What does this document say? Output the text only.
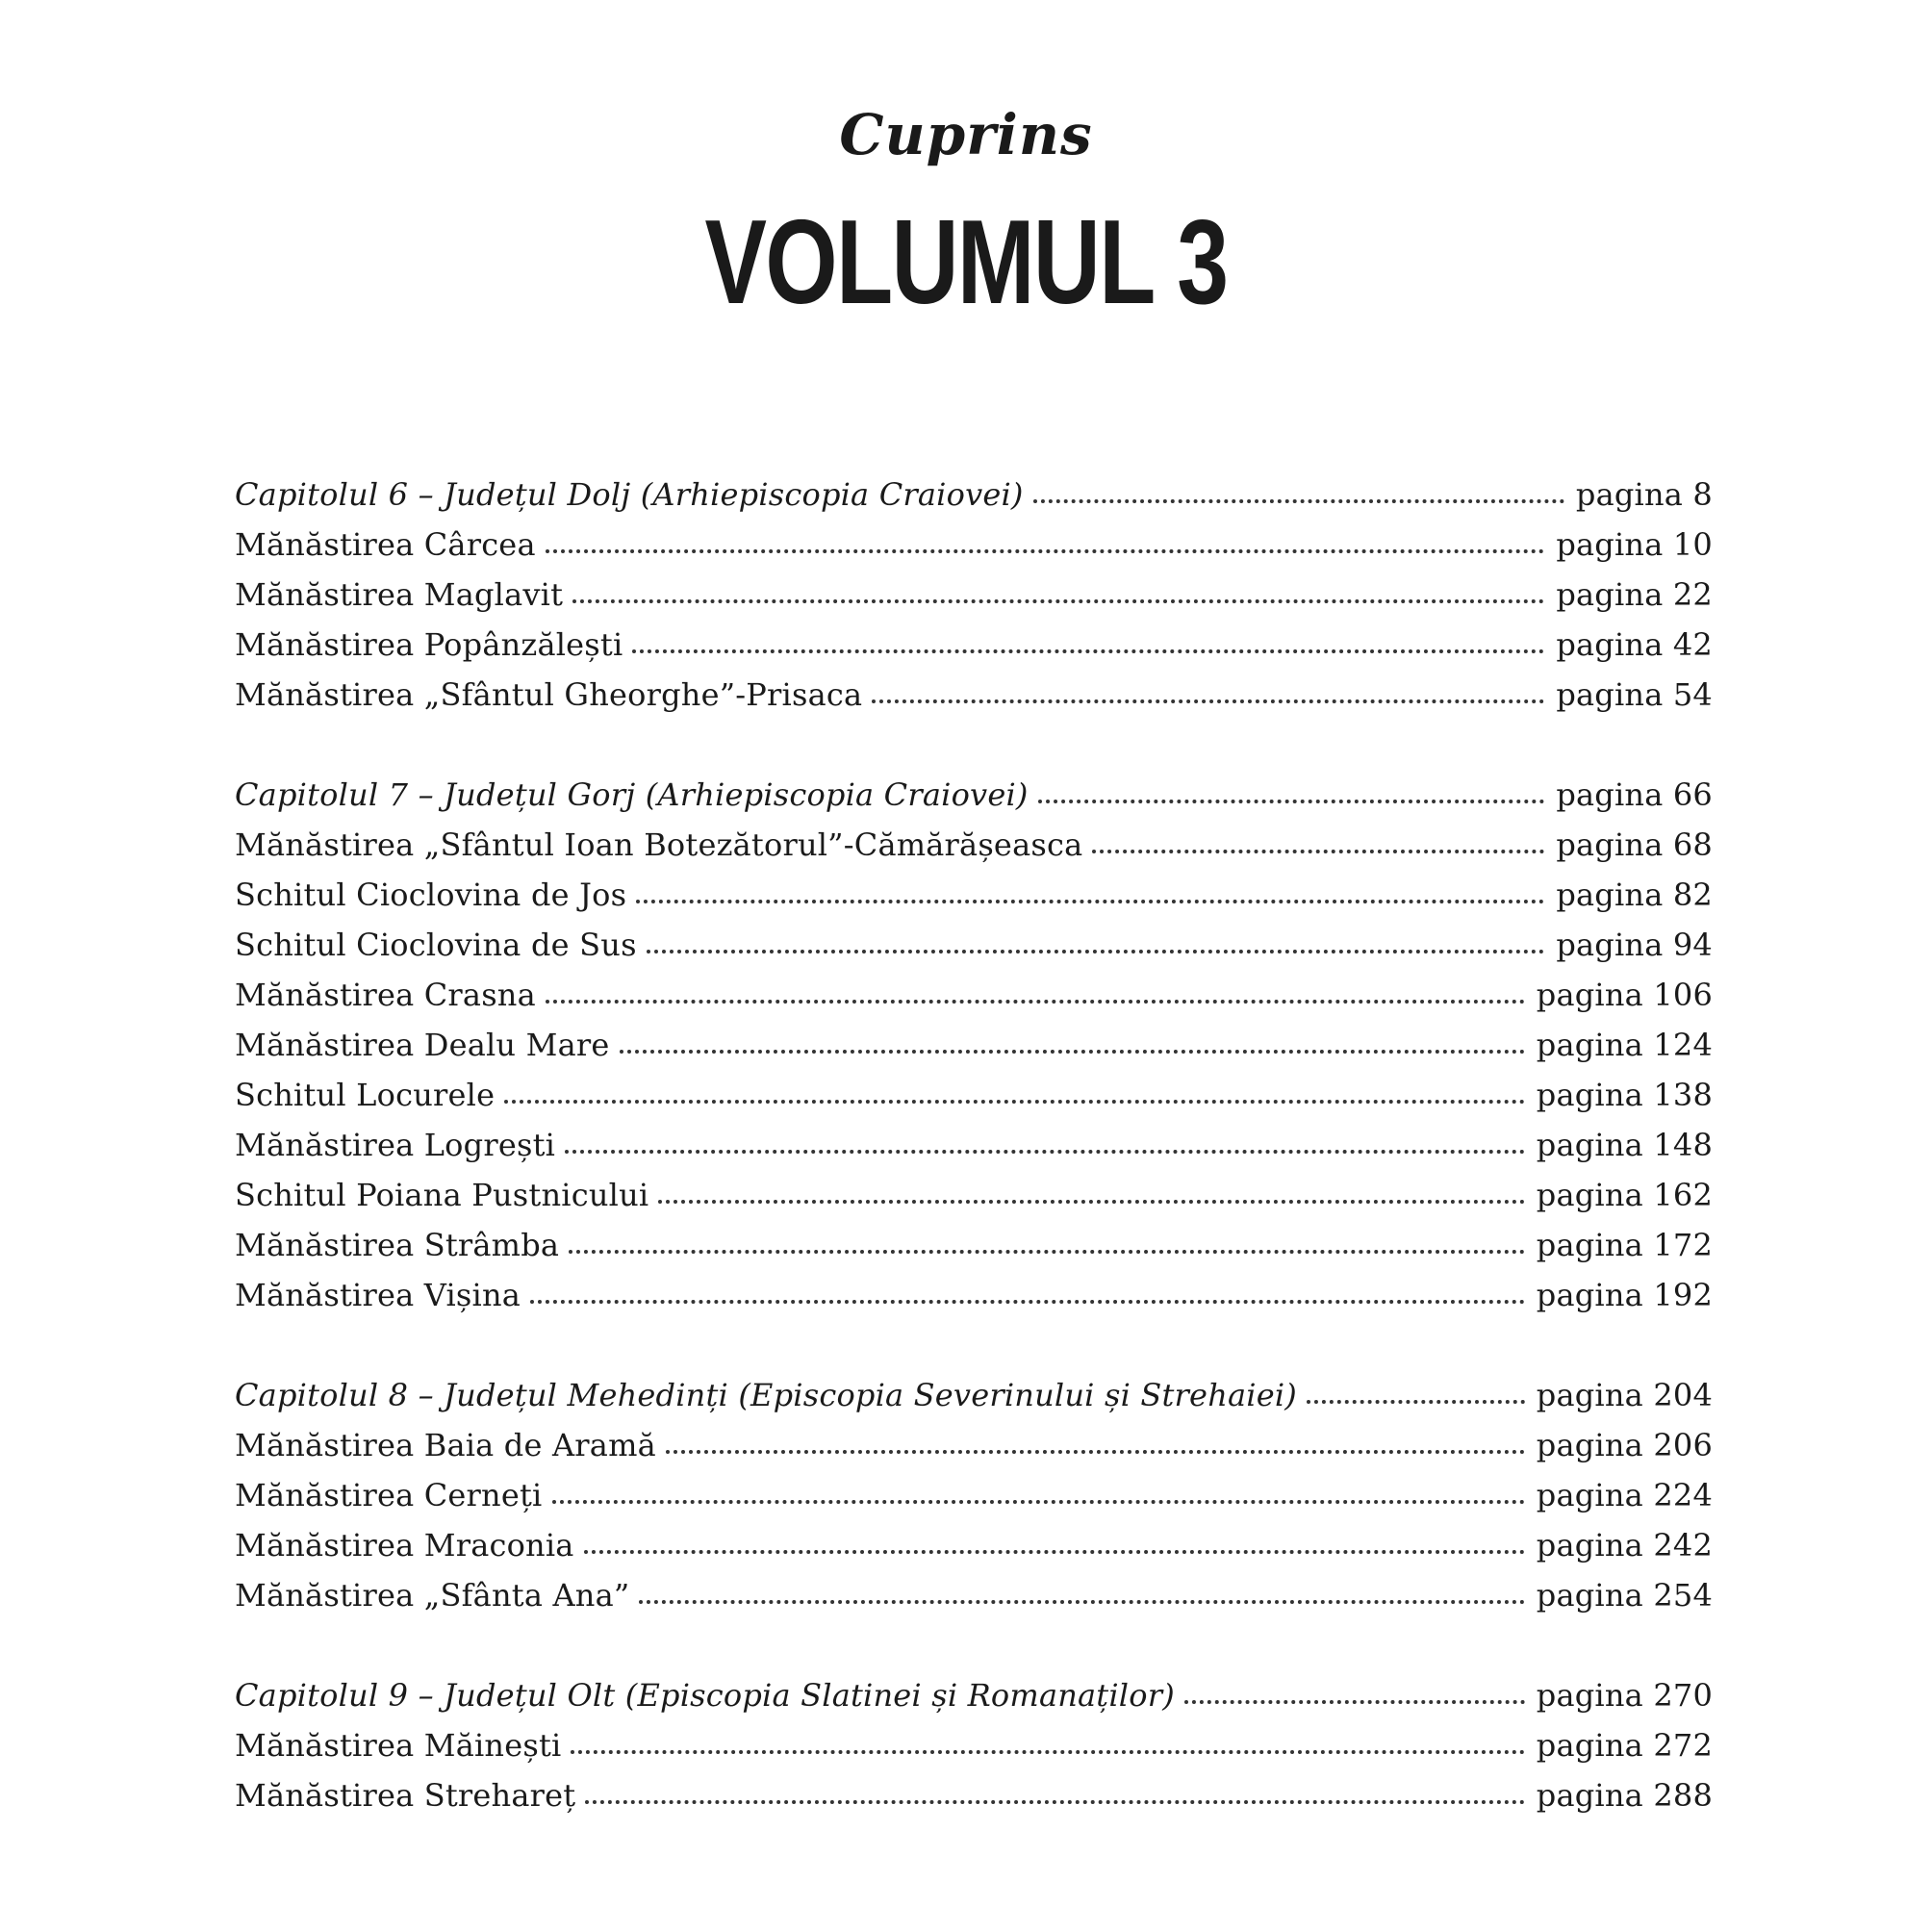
Cuprins
VOLUMUL 3
Capitolul 6 – Județul Dolj (Arhiepiscopia Craiovei)	pagina 8
Mănăstirea Cârcea	pagina 10
Mănăstirea Maglavit	pagina 22
Mănăstirea Popânzălești	pagina 42
Mănăstirea „Sfântul Gheorghe”-Prisaca	pagina 54
Capitolul 7 – Județul Gorj (Arhiepiscopia Craiovei)	pagina 66
Mănăstirea „Sfântul Ioan Botezătorul”-Cămărășeasca	pagina 68
Schitul Cioclovina de Jos	pagina 82
Schitul Cioclovina de Sus	pagina 94
Mănăstirea Crasna	pagina 106
Mănăstirea Dealu Mare	pagina 124
Schitul Locurele	pagina 138
Mănăstirea Logrești	pagina 148
Schitul Poiana Pustnicului	pagina 162
Mănăstirea Strâmba	pagina 172
Mănăstirea Vișina	pagina 192
Capitolul 8 – Județul Mehedinți (Episcopia Severinului și Strehaiei)	pagina 204
Mănăstirea Baia de Aramă	pagina 206
Mănăstirea Cerneți	pagina 224
Mănăstirea Mraconia	pagina 242
Mănăstirea „Sfânta Ana”	pagina 254
Capitolul 9 – Județul Olt (Episcopia Slatinei și Romanaților)	pagina 270
Mănăstirea Măinești	pagina 272
Mănăstirea Strehareț	pagina 288
